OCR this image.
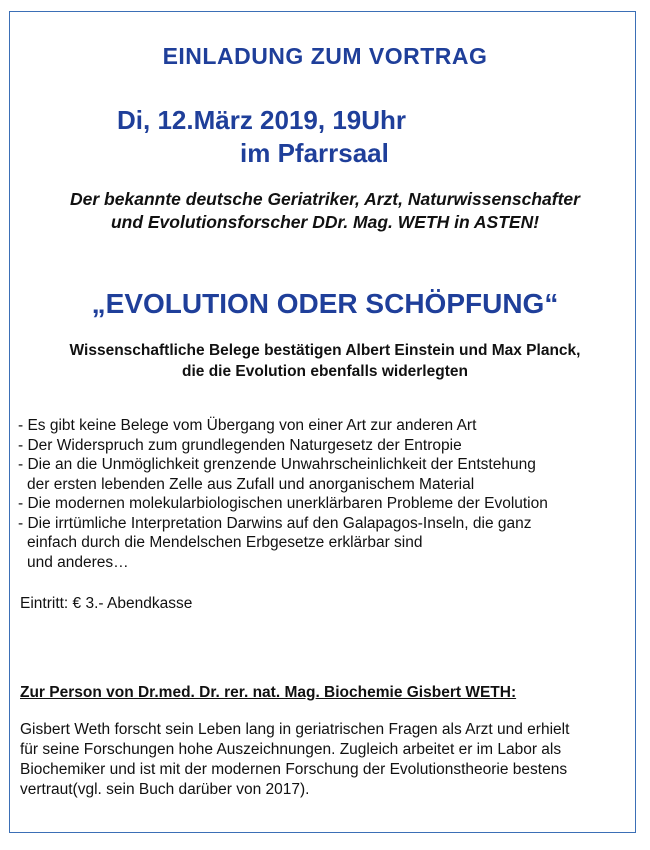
EINLADUNG ZUM VORTRAG
Di, 12.März 2019, 19Uhr
im Pfarrsaal
Der bekannte deutsche Geriatriker, Arzt, Naturwissenschafter
und Evolutionsforscher DDr. Mag. WETH in ASTEN!
„EVOLUTION ODER SCHÖPFUNG“
Wissenschaftliche Belege bestätigen Albert Einstein und Max Planck,
die die Evolution ebenfalls widerlegten
- Es gibt keine Belege vom Übergang von einer Art zur anderen Art
- Der Widerspruch zum grundlegenden Naturgesetz der Entropie
- Die an die Unmöglichkeit grenzende Unwahrscheinlichkeit der Entstehung
der ersten lebenden Zelle aus Zufall und anorganischem Material
- Die modernen molekularbiologischen unerklärbaren Probleme der Evolution
- Die irrtümliche Interpretation Darwins auf den Galapagos-Inseln, die ganz
einfach durch die Mendelschen Erbgesetze erklärbar sind
und anderes…
Eintritt: € 3.- Abendkasse
Zur Person von Dr.med. Dr. rer. nat. Mag. Biochemie Gisbert WETH:
Gisbert Weth forscht sein Leben lang in geriatrischen Fragen als Arzt und erhielt
für seine Forschungen hohe Auszeichnungen. Zugleich arbeitet er im Labor als
Biochemiker und ist mit der modernen Forschung der Evolutionstheorie bestens
vertraut(vgl. sein Buch darüber von 2017).
